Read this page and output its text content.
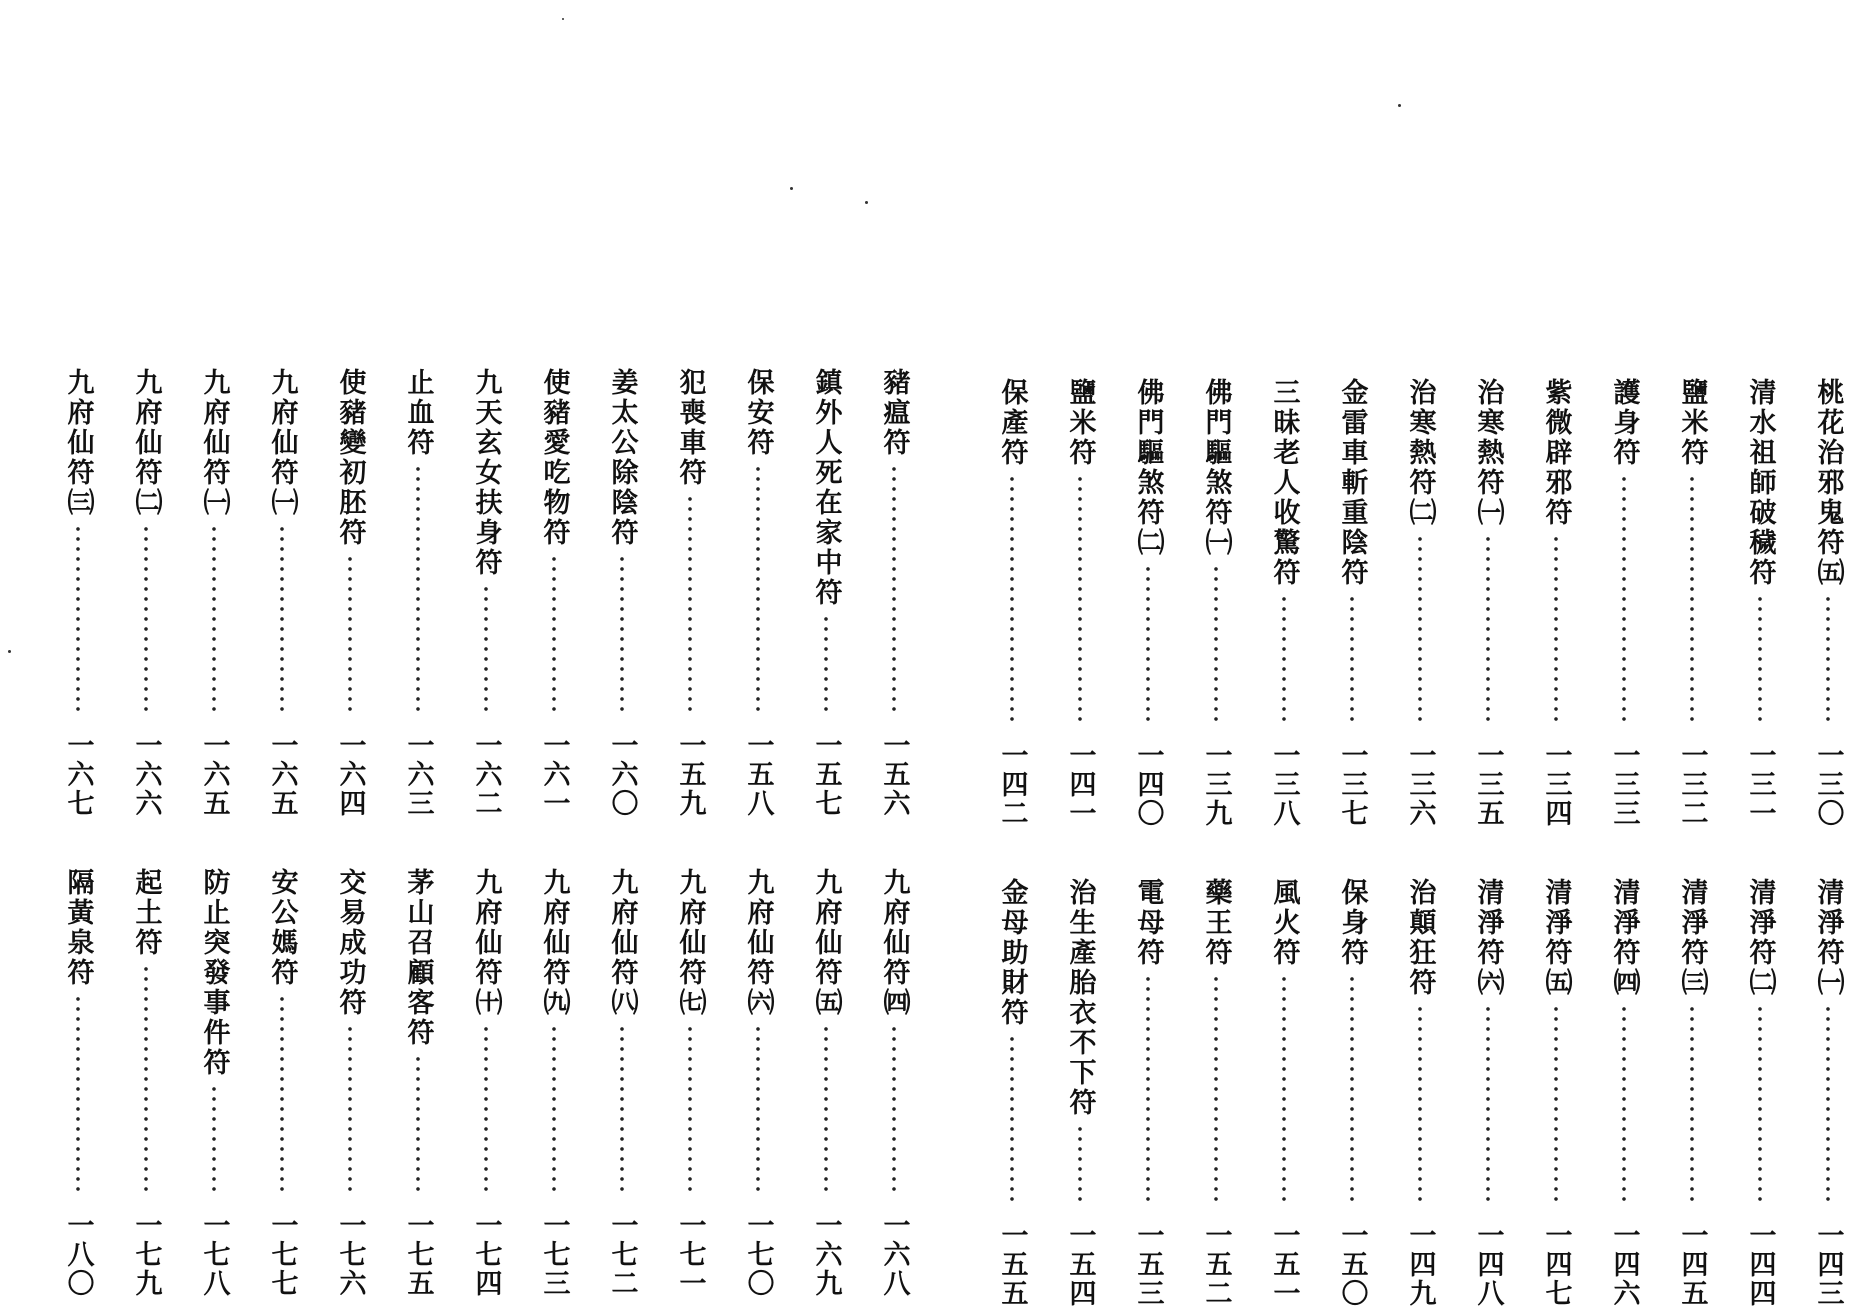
桃花治邪鬼符㈤
一三〇
清水祖師破穢符
一三一
鹽米符
一三二
護身符
一三三
紫微辟邪符
一三四
治寒熱符㈠
一三五
治寒熱符㈡
一三六
金雷車斬重陰符
一三七
三昧老人收驚符
一三八
佛門驅煞符㈠
一三九
佛門驅煞符㈡
一四〇
鹽米符
一四一
保產符
一四二
豬瘟符
一五六
鎮外人死在家中符
一五七
保安符
一五八
犯喪車符
一五九
姜太公除陰符
一六〇
使豬愛吃物符
一六一
九天玄女扶身符
一六二
止血符
一六三
使豬變初胚符
一六四
九府仙符㈠
一六五
九府仙符㈠
一六五
九府仙符㈡
一六六
九府仙符㈢
一六七
清淨符㈠
一四三
清淨符㈡
一四四
清淨符㈢
一四五
清淨符㈣
一四六
清淨符㈤
一四七
清淨符㈥
一四八
治顛狂符
一四九
保身符
一五〇
風火符
一五一
藥王符
一五二
電母符
一五三
治生產胎衣不下符
一五四
金母助財符
一五五
九府仙符㈣
一六八
九府仙符㈤
一六九
九府仙符㈥
一七〇
九府仙符㈦
一七一
九府仙符㈧
一七二
九府仙符㈨
一七三
九府仙符㈩
一七四
茅山召顧客符
一七五
交易成功符
一七六
安公媽符
一七七
防止突發事件符
一七八
起土符
一七九
隔黃泉符
一八〇
